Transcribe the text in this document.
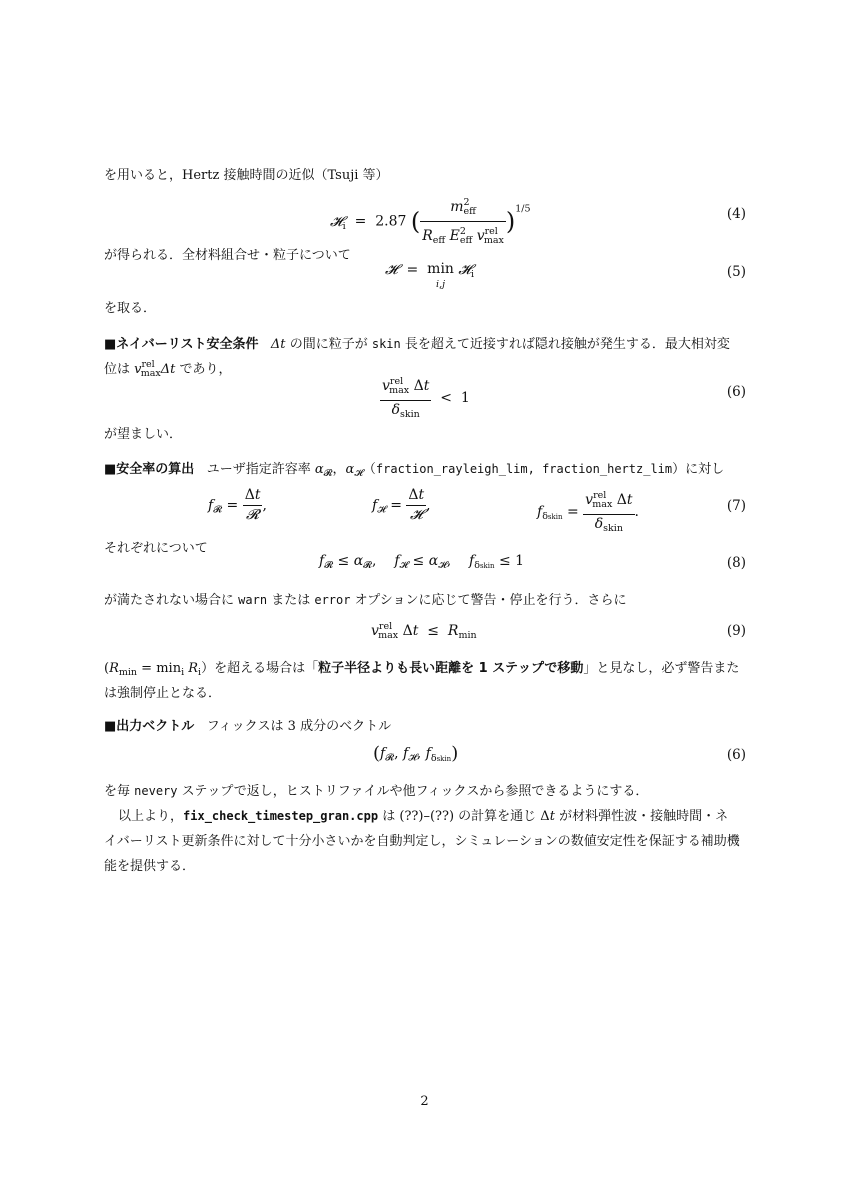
を用いると，Hertz 接触時間の近似（Tsuji 等）
𝓗$_i$  =  2.87 ( $\frac{m^2_{eff}}{R_{eff} E^2_{eff} v^{rel}_{max}} )^{1/5}$	(4)
が得られる．全材料組合せ・粒子について
𝓗  =  min
i,j 𝓗$_i$	(5)
を取る．
■ネイバーリスト安全条件 Δt の間に粒子が skin 長を超えて近接すれば隠れ接触が発生する．最大相対変
位は $v^{rel}_{max}\Delta t$ であり，
$\frac{v^{rel}_{max} \Delta t}{\delta_{skin}} < 1$	(6)
が望ましい．
■安全率の算出 ユーザ指定許容率 $\alpha_𝓡$，$\alpha_𝓗(fraction\_rayleigh\_\lim$, fraction_hertz_lim）に対し
$f_𝓡 = \frac{\Delta t}{\text{𝓡}}$ ,	$f_𝓗 = \frac{\Delta t}{\text{𝓗}}$ ,	$f_{\delta skin} = \frac{v^{rel}_{max} \Delta t}{\delta_{skin}}$ .	(7)
それぞれについて
$f_𝓡 \le \alpha_𝓡$,    $f_𝓗 \le \alpha_𝓗$,    $f_{\delta skin} \le 1$	(8)
が満たされない場合に warn または error オプションに応じて警告・停止を行う．さらに
$v^{rel}_{max}$ $\Delta t \le R_{min}$	(9)
$(R_{min} = \min_i R_i)$を超える場合は「粒子半径よりも長い距離を 1 ステップで移動」と見なし，必ず警告また
は強制停止となる．
■出力ベクトル フィックスは 3 成分のベクトル
($f_𝓡$, $f_𝓗$, $f_{\delta skin}$)	(6)
を毎 nevery ステップで返し，ヒストリファイルや他フィックスから参照できるようにする．
以上より，fix_check_timestep_gran.cpp は (??)–(??) の計算を通じ Δt が材料弾性波・接触時間・ネ
イバーリスト更新条件に対して十分小さいかを自動判定し，シミュレーションの数値安定性を保証する補助機
能を提供する．
2
